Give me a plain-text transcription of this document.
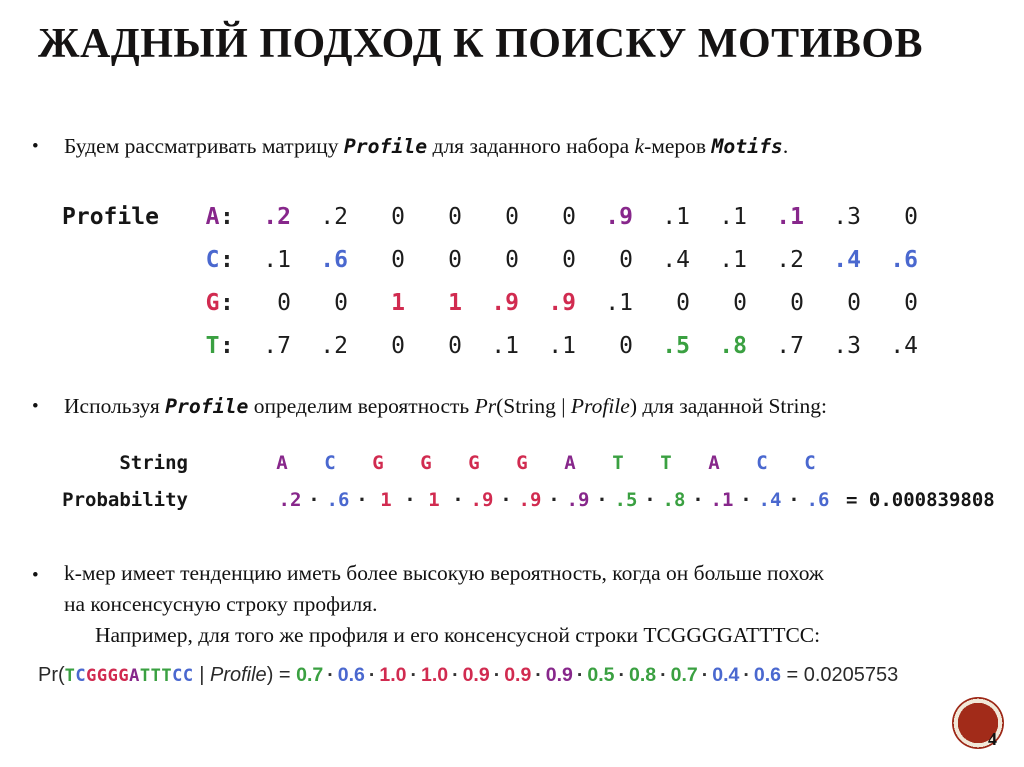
ЖАДНЫЙ ПОДХОД К ПОИСКУ МОТИВОВ
•	Будем рассматривать матрицу Profile для заданного набора k-меров Motifs.
Profile A: .2 .2 0 0 0 0 .9 .1 .1 .1 .3 0
C: .1 .6 0 0 0 0 0 .4 .1 .2 .4 .6
G: 0 0 1 1 .9 .9 .1 0 0 0 0 0
T: .7 .2 0 0 .1 .1 0 .5 .8 .7 .3 .4
•	Используя Profile определим вероятность Pr(String | Profile) для заданной String:
String	A C G G G G A T T A C C
Probability	.2 · .6 · 1 · 1 · .9 · .9 · .9 · .5 · .8 · .1 · .4 · .6 = 0.000839808
•	k-мер имеет тенденцию иметь более высокую вероятность, когда он больше похож
на консенсусную строку профиля.
Например, для того же профиля и его консенсусной строки TCGGGGATTTCC:
Pr(TCGGGGATTTCC | Profile) = 0.7 · 0.6 · 1.0 · 1.0 · 0.9 · 0.9 · 0.9 · 0.5 · 0.8 · 0.7 · 0.4 · 0.6 = 0.0205753
4
